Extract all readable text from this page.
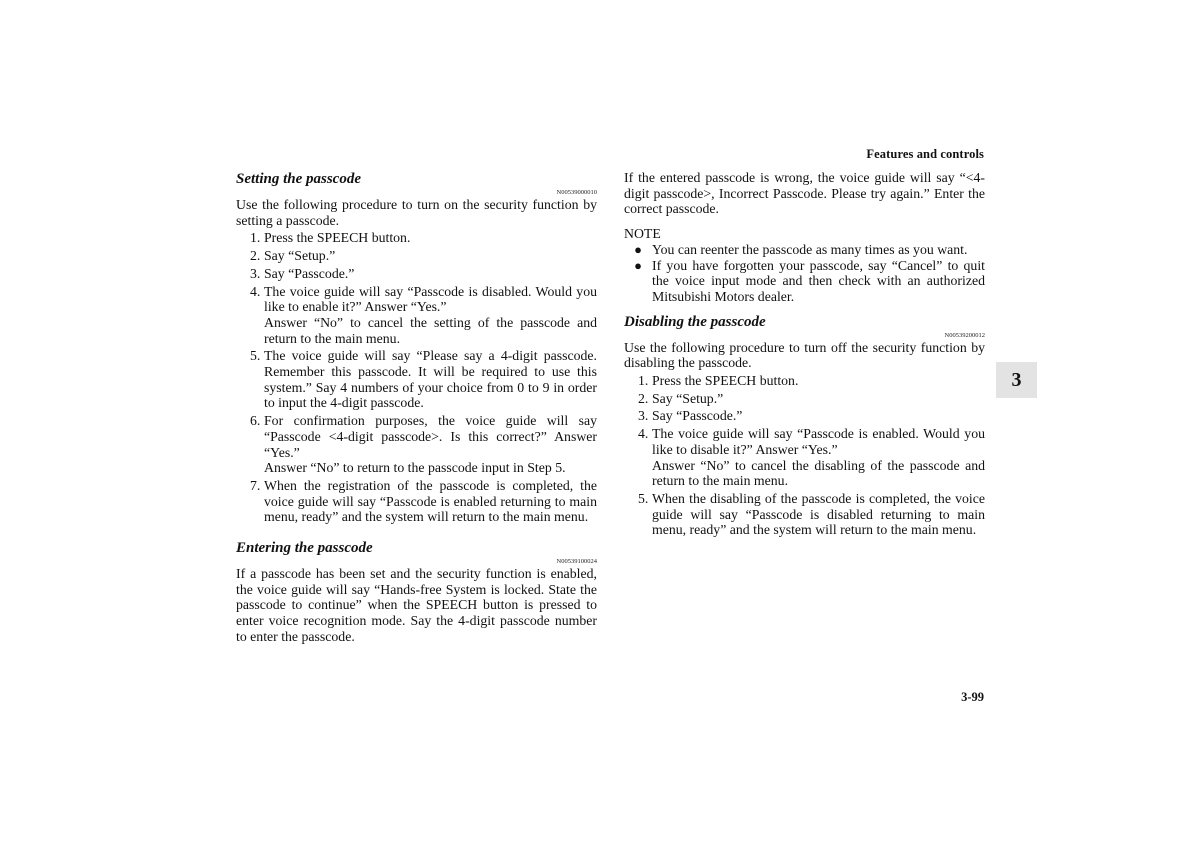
Features and controls
3
Setting the passcode
N00539000010

Use the following procedure to turn on the security function by setting a passcode.

1. Press the SPEECH button.
2. Say “Setup.”
3. Say “Passcode.”
4. The voice guide will say “Passcode is disabled. Would you like to enable it?” Answer “Yes.”
Answer “No” to cancel the setting of the passcode and return to the main menu.
5. The voice guide will say “Please say a 4-digit passcode. Remember this passcode. It will be required to use this system.” Say 4 numbers of your choice from 0 to 9 in order to input the 4-digit passcode.
6. For confirmation purposes, the voice guide will say “Passcode <4-digit passcode>. Is this correct?” Answer “Yes.”
Answer “No” to return to the passcode input in Step 5.
7. When the registration of the passcode is completed, the voice guide will say “Passcode is enabled returning to main menu, ready” and the system will return to the main menu.
Entering the passcode
N00539100024

If a passcode has been set and the security function is enabled, the voice guide will say “Hands-free System is locked. State the passcode to continue” when the SPEECH button is pressed to enter voice recognition mode. Say the 4-digit passcode number to enter the passcode.

If the entered passcode is wrong, the voice guide will say “<4-digit passcode>, Incorrect Passcode. Please try again.” Enter the correct passcode.

NOTE
● You can reenter the passcode as many times as you want.
● If you have forgotten your passcode, say “Cancel” to quit the voice input mode and then check with an authorized Mitsubishi Motors dealer.
Disabling the passcode
N00539200012

Use the following procedure to turn off the security function by disabling the passcode.

1. Press the SPEECH button.
2. Say “Setup.”
3. Say “Passcode.”
4. The voice guide will say “Passcode is enabled. Would you like to disable it?” Answer “Yes.”
Answer “No” to cancel the disabling of the passcode and return to the main menu.
5. When the disabling of the passcode is completed, the voice guide will say “Passcode is disabled returning to main menu, ready” and the system will return to the main menu.
3-99
